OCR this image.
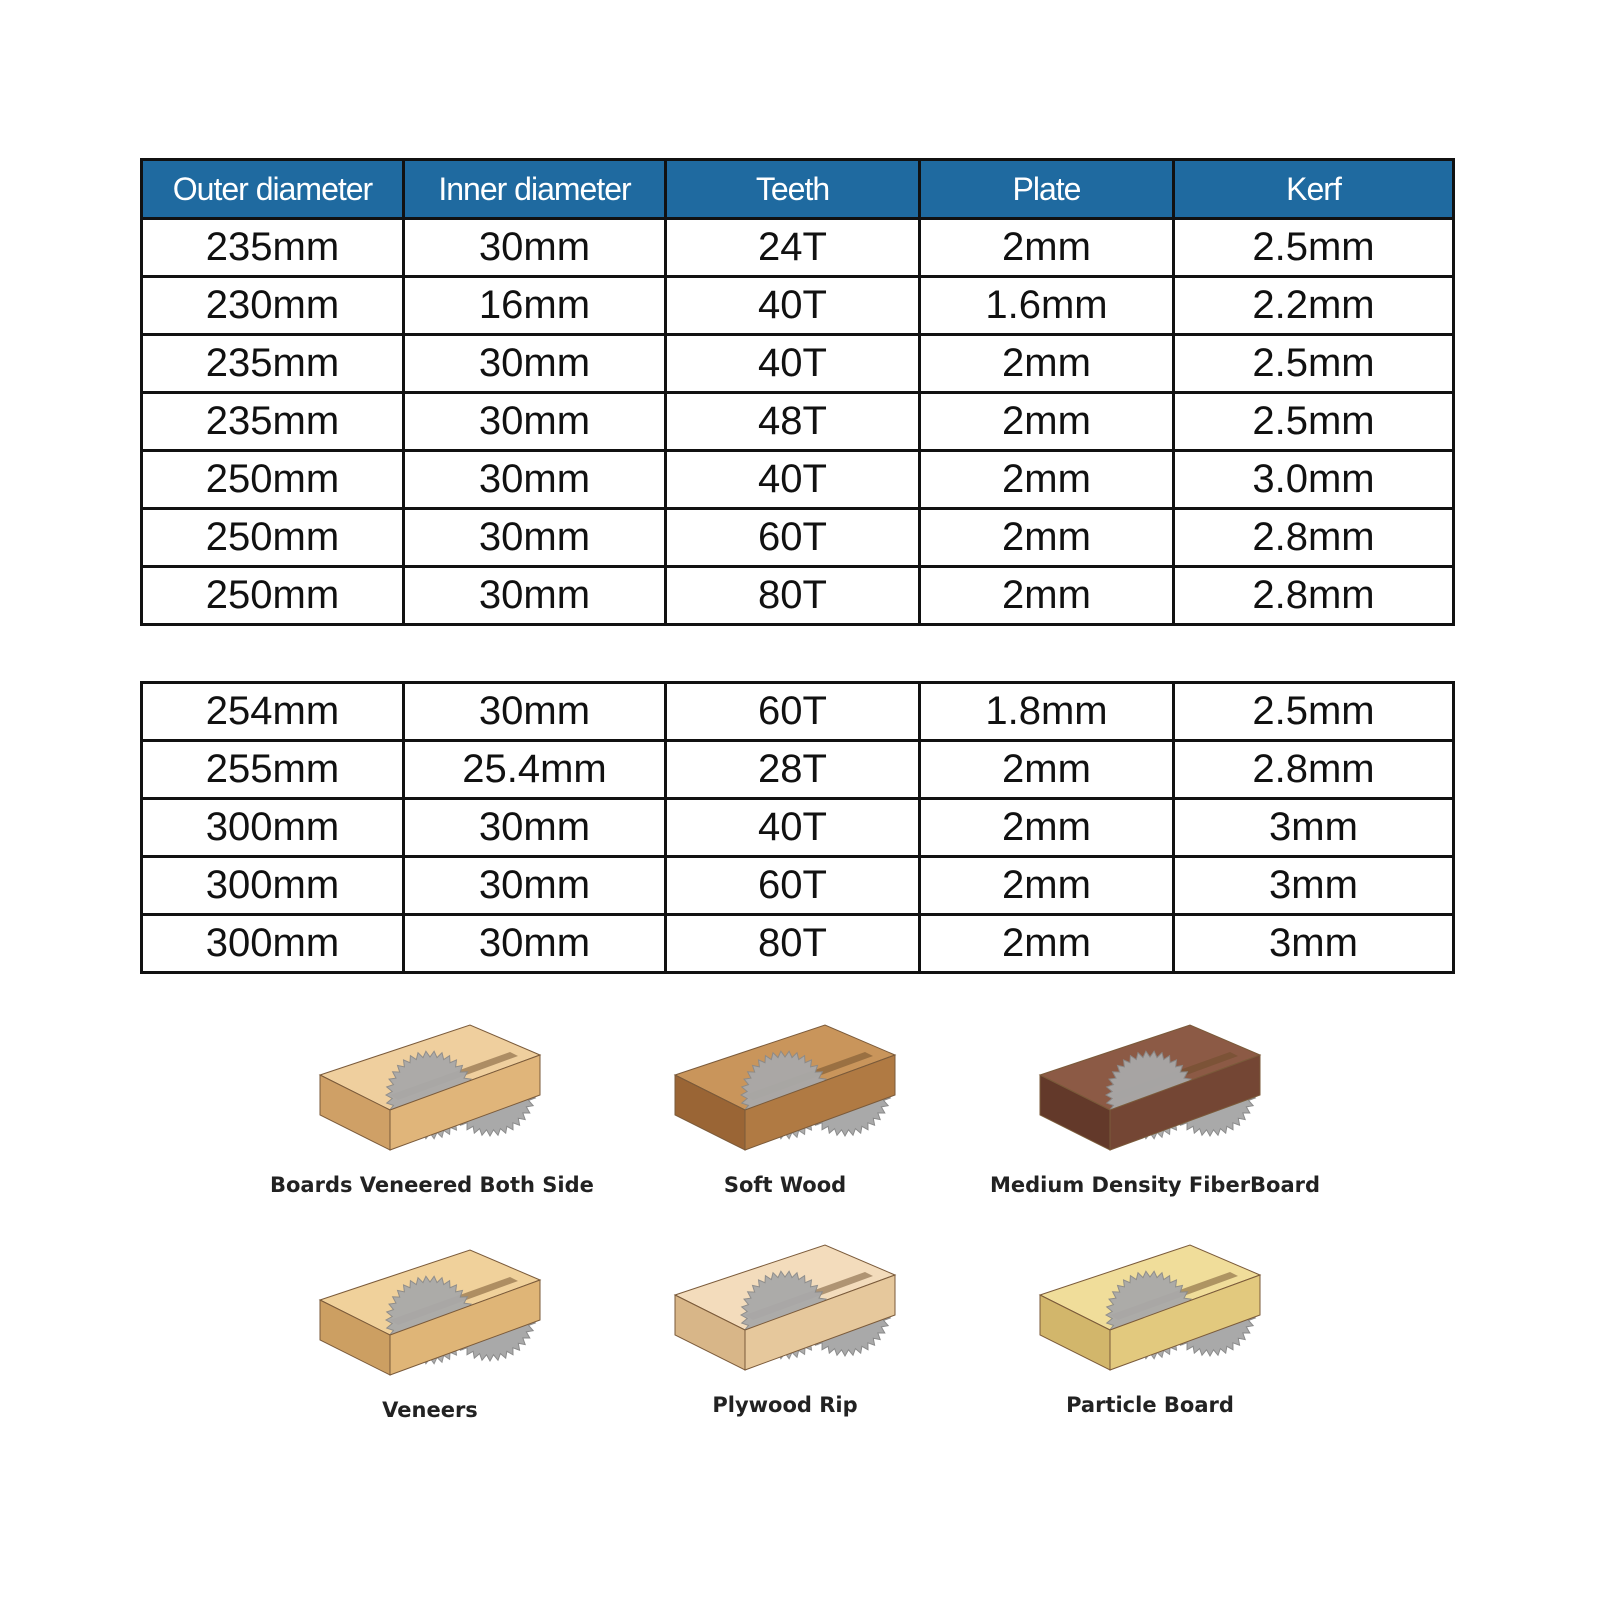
Outer diameter	Inner diameter	Teeth	Plate	Kerf
235mm	30mm	24T	2mm	2.5mm
230mm	16mm	40T	1.6mm	2.2mm
235mm	30mm	40T	2mm	2.5mm
235mm	30mm	48T	2mm	2.5mm
250mm	30mm	40T	2mm	3.0mm
250mm	30mm	60T	2mm	2.8mm
250mm	30mm	80T	2mm	2.8mm
254mm	30mm	60T	1.8mm	2.5mm
255mm	25.4mm	28T	2mm	2.8mm
300mm	30mm	40T	2mm	3mm
300mm	30mm	60T	2mm	3mm
300mm	30mm	80T	2mm	3mm
Boards Veneered Both Side	Soft Wood	Medium Density FiberBoard
Veneers	Plywood Rip	Particle Board
